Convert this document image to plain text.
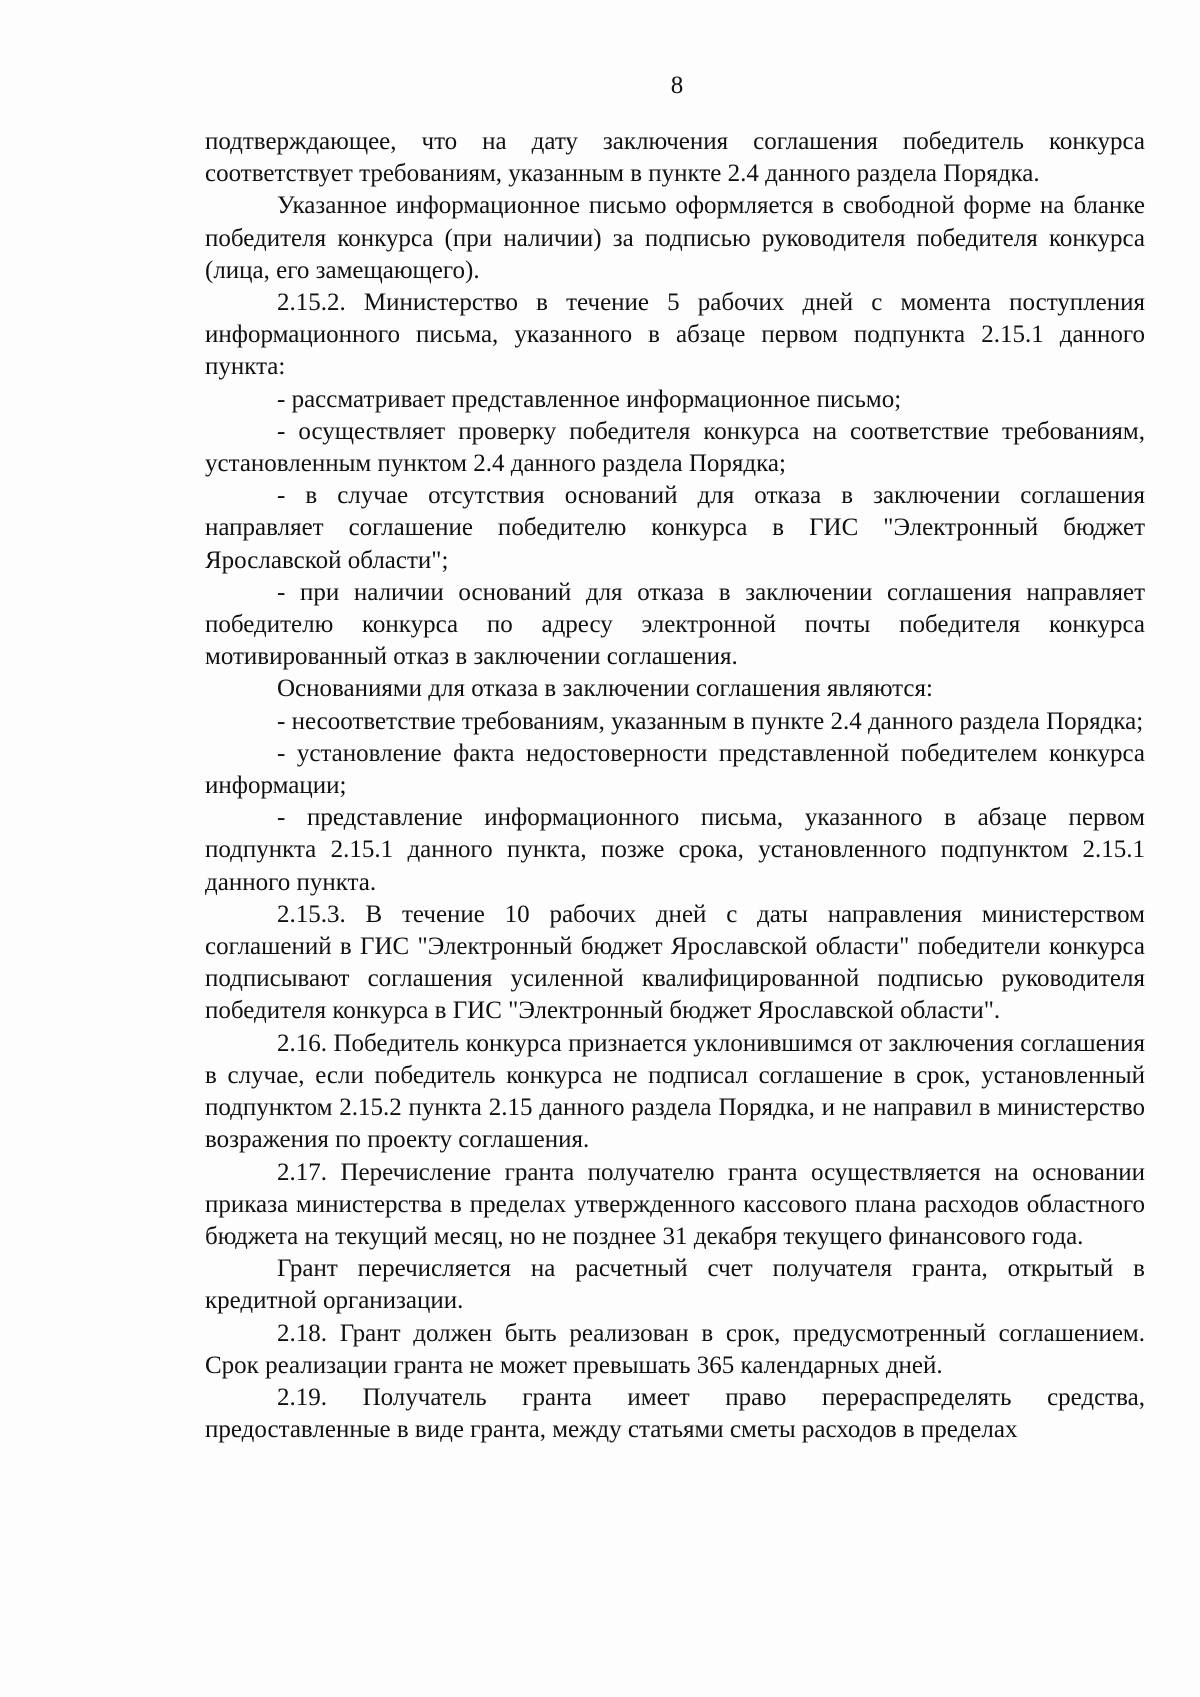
8

подтверждающее, что на дату заключения соглашения победитель конкурса соответствует требованиям, указанным в пункте 2.4 данного раздела Порядка.

Указанное информационное письмо оформляется в свободной форме на бланке победителя конкурса (при наличии) за подписью руководителя победителя конкурса (лица, его замещающего).

2.15.2. Министерство в течение 5 рабочих дней с момента поступления информационного письма, указанного в абзаце первом подпункта 2.15.1 данного пункта:

- рассматривает представленное информационное письмо;

- осуществляет проверку победителя конкурса на соответствие требованиям, установленным пунктом 2.4 данного раздела Порядка;

- в случае отсутствия оснований для отказа в заключении соглашения направляет соглашение победителю конкурса в ГИС "Электронный бюджет Ярославской области";

- при наличии оснований для отказа в заключении соглашения направляет победителю конкурса по адресу электронной почты победителя конкурса мотивированный отказ в заключении соглашения.

Основаниями для отказа в заключении соглашения являются:

- несоответствие требованиям, указанным в пункте 2.4 данного раздела Порядка;

- установление факта недостоверности представленной победителем конкурса информации;

- представление информационного письма, указанного в абзаце первом подпункта 2.15.1 данного пункта, позже срока, установленного подпунктом 2.15.1 данного пункта.

2.15.3. В течение 10 рабочих дней с даты направления министерством соглашений в ГИС "Электронный бюджет Ярославской области" победители конкурса подписывают соглашения усиленной квалифицированной подписью руководителя победителя конкурса в ГИС "Электронный бюджет Ярославской области".

2.16. Победитель конкурса признается уклонившимся от заключения соглашения в случае, если победитель конкурса не подписал соглашение в срок, установленный подпунктом 2.15.2 пункта 2.15 данного раздела Порядка, и не направил в министерство возражения по проекту соглашения.

2.17. Перечисление гранта получателю гранта осуществляется на основании приказа министерства в пределах утвержденного кассового плана расходов областного бюджета на текущий месяц, но не позднее 31 декабря текущего финансового года.

Грант перечисляется на расчетный счет получателя гранта, открытый в кредитной организации.

2.18. Грант должен быть реализован в срок, предусмотренный соглашением. Срок реализации гранта не может превышать 365 календарных дней.

2.19. Получатель гранта имеет право перераспределять средства, предоставленные в виде гранта, между статьями сметы расходов в пределах
